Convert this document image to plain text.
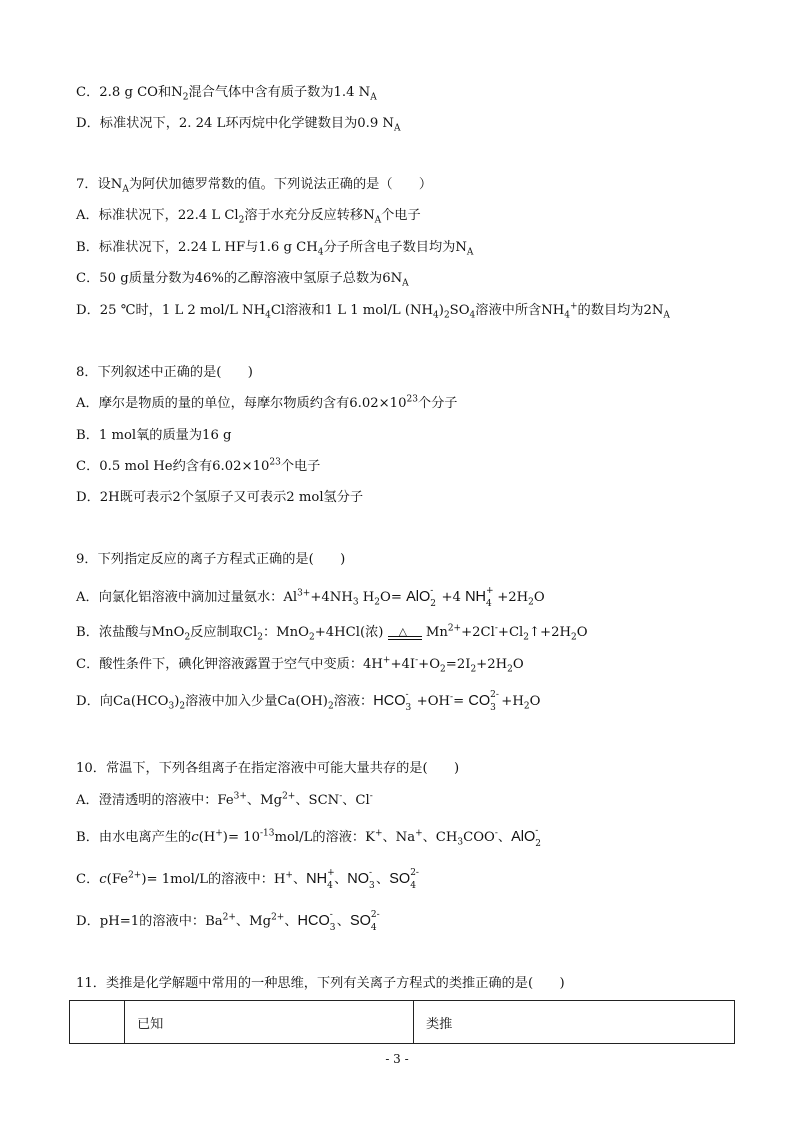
C．2.8 g CO和$N_2$混合气体中含有质子数为1.4 $N_A$
D．标准状况下，2. 24 L环丙烷中化学键数目为0.9 $N_A$
7．设$N_A$为阿伏加德罗常数的值。下列说法正确的是（　　）
A．标准状况下，22.4 L $Cl_2$溶于水充分反应转移$N_A$个电子
B．标准状况下，2.24 L HF与1.6 g $CH_4$分子所含电子数目均为$N_A$
C．50 g质量分数为46%的乙醇溶液中氢原子总数为$6N_A$
D．25 ℃时，1 L 2 mol/L $NH_4Cl$溶液和1 L 1 mol/L $(NH_4)_2SO_4$溶液中所含$NH_4^+$的数目均为$2N_A$
8．下列叙述中正确的是(　　)
A．摩尔是物质的量的单位，每摩尔物质约含有$6.02\times 10^{23}$个分子
B．1 mol氧的质量为16 g
C．0.5 mol He约含有$6.02\times 10^{23}$个电子
D．2H既可表示2个氢原子又可表示2 mol氢分子
9．下列指定反应的离子方程式正确的是(　　)
A．向氯化铝溶液中滴加过量氨水：$Al^{3+}+4NH_3$ $H_2O=$ AlO -
2 +4 NH +
$4 +2H_2O$
B．浓盐酸与MnO$_2$反应制取$Cl_2$：MnO$_2$+4HCl(浓) △ $Mn^{2+}+2Cl^-+Cl_2↑+2H_2O$
C．酸性条件下，碘化钾溶液露置于空气中变质：$4H^++4I^-+O_2=2I_2+2H_2O$
D．向$Ca(HCO_3)_2$溶液中加入少量$Ca(OH)_2$溶液：HCO -
3 +OH-= CO 2-
$3 +H_2O$
10．常温下，下列各组离子在指定溶液中可能大量共存的是(　　)
A．澄清透明的溶液中：$Fe^{3+}$、$Mg^{2+}$、SCN-、Cl-
B．由水电离产生的$c(H^+)= 10^{-13}mol/L$的溶液：K+、Na+、$CH_3COO^-$、AlO -
2
C．$c(Fe^{2+})= 1mol/L$的溶液中：H+、NH +
4 、NO -
3 、SO 2-
4
D．pH=1的溶液中：$Ba^{2+}$、$Mg^{2+}$、HCO -
3 、SO 2-
4
11．类推是化学解题中常用的一种思维，下列有关离子方程式的类推正确的是(　　)
	已知	类推
- 3 -
